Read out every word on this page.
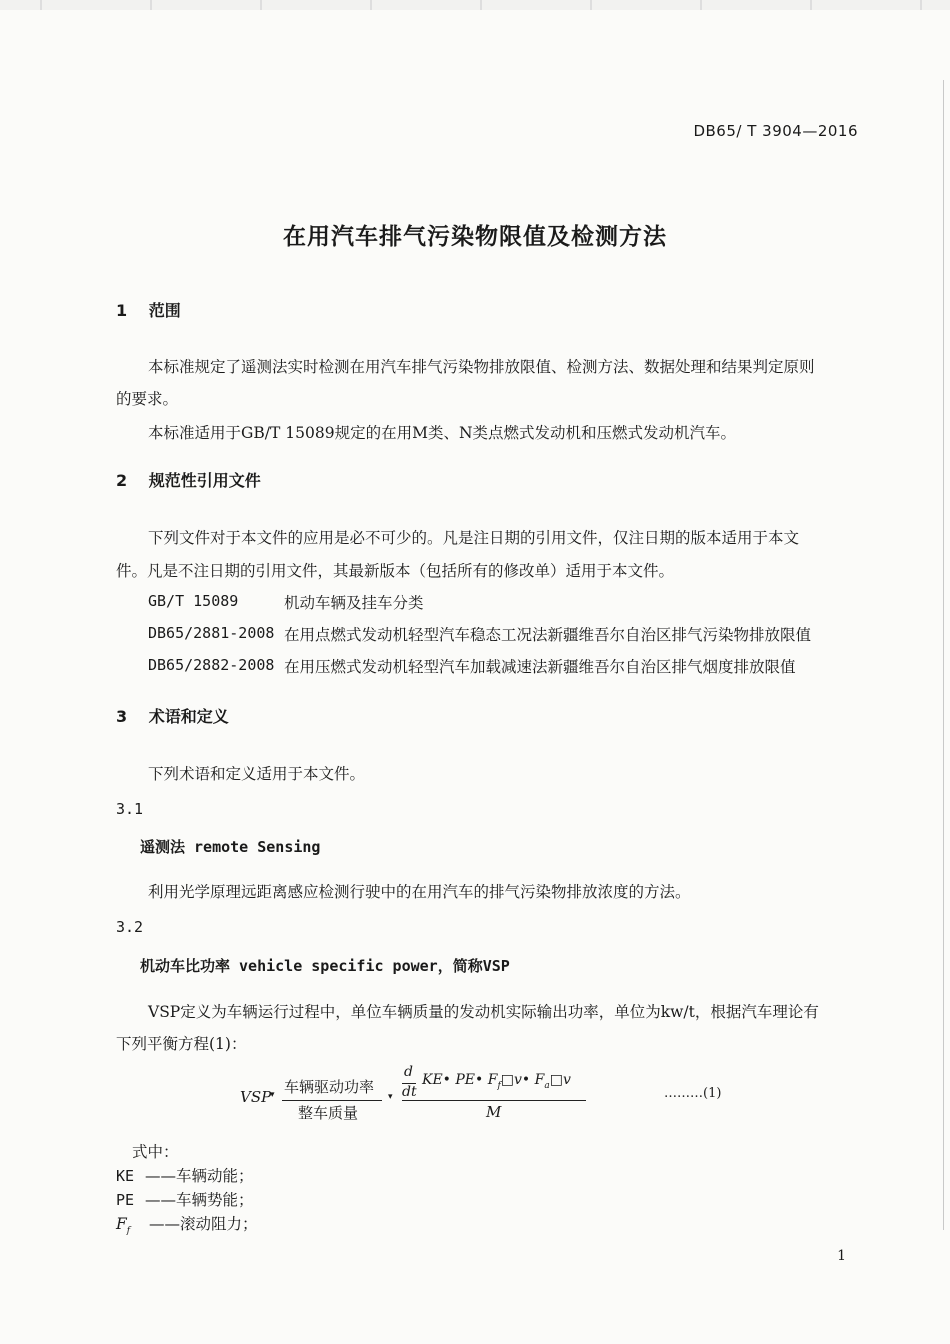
DB65/ T 3904—2016
在用汽车排气污染物限值及检测方法
1 范围
本标准规定了遥测法实时检测在用汽车排气污染物排放限值、检测方法、数据处理和结果判定原则
的要求。
本标准适用于GB/T 15089规定的在用M类、N类点燃式发动机和压燃式发动机汽车。
2 规范性引用文件
下列文件对于本文件的应用是必不可少的。凡是注日期的引用文件，仅注日期的版本适用于本文
件。凡是不注日期的引用文件，其最新版本（包括所有的修改单）适用于本文件。
GB/T 15089	机动车辆及挂车分类
DB65/2881-2008 在用点燃式发动机轻型汽车稳态工况法新疆维吾尔自治区排气污染物排放限值
DB65/2882-2008 在用压燃式发动机轻型汽车加载减速法新疆维吾尔自治区排气烟度排放限值
3 术语和定义
下列术语和定义适用于本文件。
3.1
遥测法 remote Sensing
利用光学原理远距离感应检测行驶中的在用汽车的排气污染物排放浓度的方法。
3.2
机动车比功率 vehicle specific power，简称VSP
VSP定义为车辆运行过程中，单位车辆质量的发动机实际输出功率，单位为kw/t，根据汽车理论有
下列平衡方程(1)：
VSP
▾ 车辆驱动功率
整车质量
▾
d
dt
KE• PE• $F_f□v•$ $F_a□v$
M
………(1)
式中：
KE ——车辆动能；
PE ——车辆势能；
$F_f$ ——滚动阻力；
1
